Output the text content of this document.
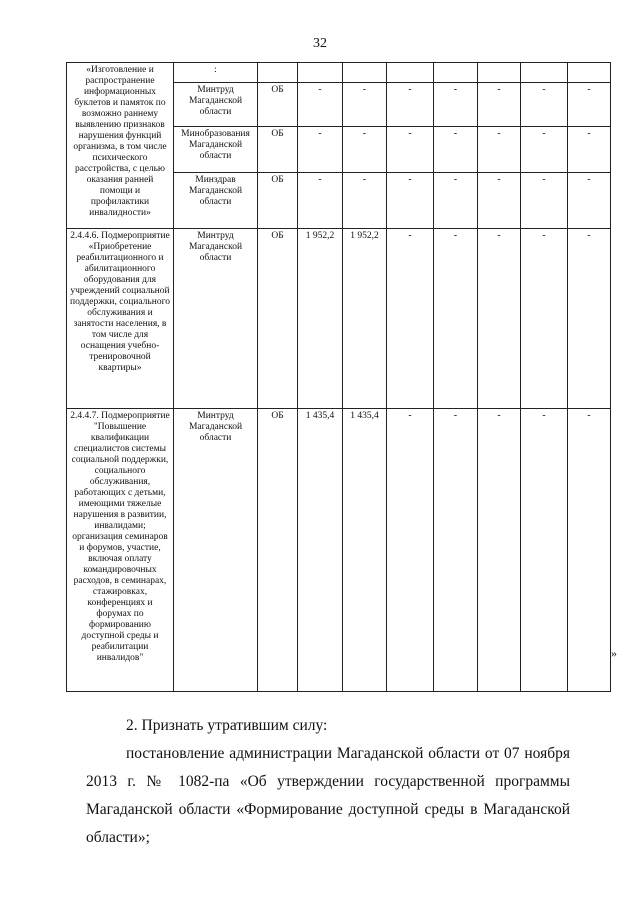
32
«Изготовление и распространение информационных буклетов и памяток по возможно раннему выявлению признаков нарушения функций организма, в том числе психического расстройства, с целью оказания ранней помощи и профилактики инвалидности»	:								
	Минтруд Магаданской области	ОБ	-	-	-	-	-	-	-
	Минобразования Магаданской области	ОБ	-	-	-	-	-	-	-
	Минздрав Магаданской области	ОБ	-	-	-	-	-	-	-
2.4.4.6. Подмероприятие «Приобретение реабилитационного и абилитационного оборудования для учреждений социальной поддержки, социального обслуживания и занятости населения, в том числе для оснащения учебно-тренировочной квартиры»	Минтруд Магаданской области	ОБ	1 952,2	1 952,2	-	-	-	-	-
2.4.4.7. Подмероприятие "Повышение квалификации специалистов системы социальной поддержки, социального обслуживания, работающих с детьми, имеющими тяжелые нарушения в развитии, инвалидами; организация семинаров и форумов, участие, включая оплату командировочных расходов, в семинарах, стажировках, конференциях и форумах по формированию доступной среды и реабилитации инвалидов"	Минтруд Магаданской области	ОБ	1 435,4	1 435,4	-	-	-	-	-
»
2. Признать утратившим силу:
постановление администрации Магаданской области от 07 ноября 2013 г. № 1082-па «Об утверждении государственной программы Магаданской области «Формирование доступной среды в Магаданской области»;
